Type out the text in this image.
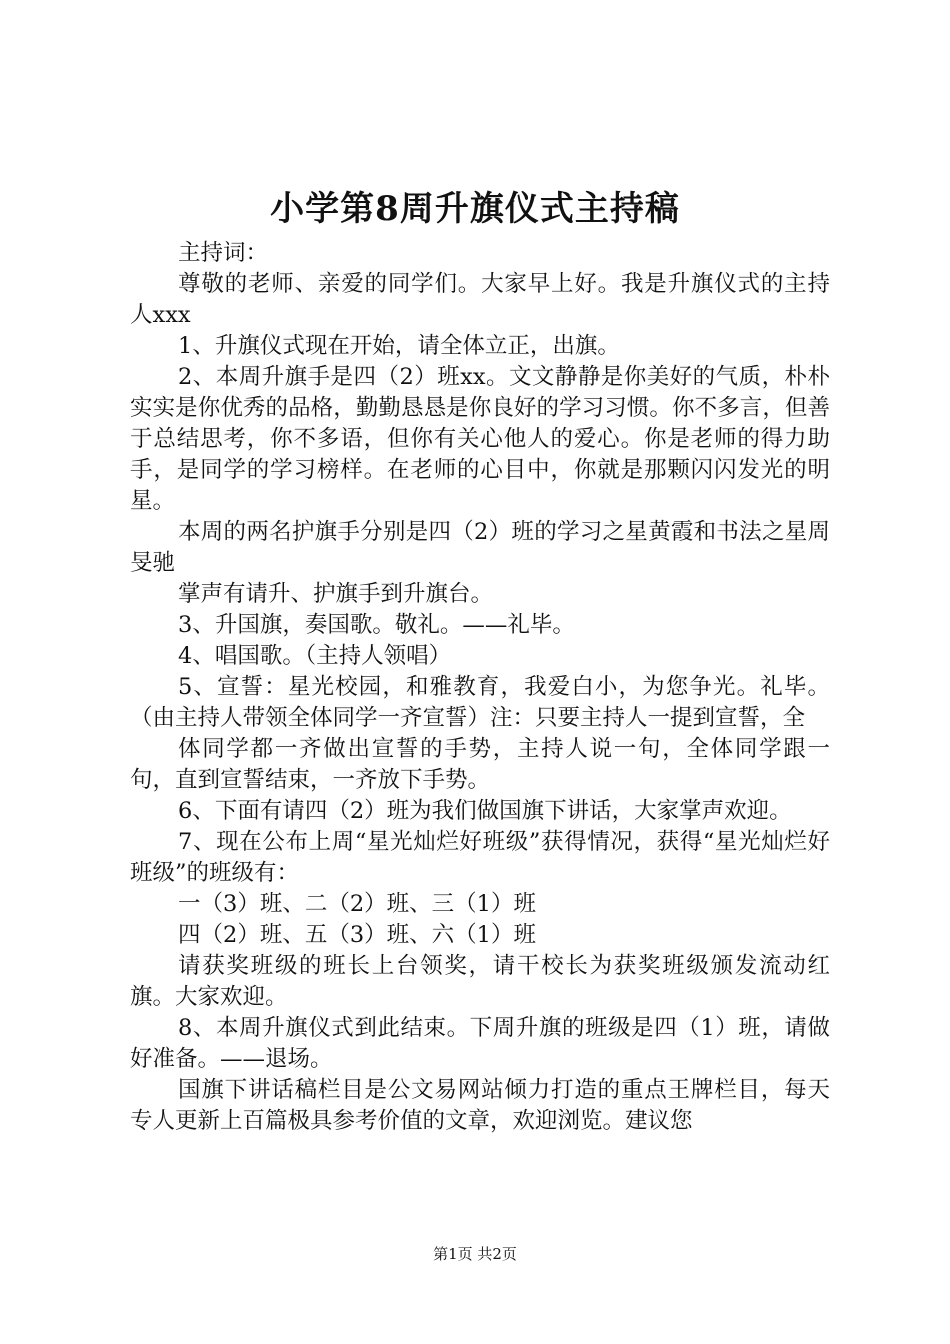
小学第8周升旗仪式主持稿

主持词：

尊敬的老师、亲爱的同学们。大家早上好。我是升旗仪式的主持人xxx

1、升旗仪式现在开始，请全体立正，出旗。

2、本周升旗手是四（2）班xx。文文静静是你美好的气质，朴朴实实是你优秀的品格，勤勤恳恳是你良好的学习习惯。你不多言，但善于总结思考，你不多语，但你有关心他人的爱心。你是老师的得力助手，是同学的学习榜样。在老师的心目中，你就是那颗闪闪发光的明星。

本周的两名护旗手分别是四（2）班的学习之星黄霞和书法之星周旻驰

掌声有请升、护旗手到升旗台。

3、升国旗，奏国歌。敬礼。——礼毕。

4、唱国歌。（主持人领唱）

5、宣誓：星光校园，和雅教育，我爱白小，为您争光。礼毕。（由主持人带领全体同学一齐宣誓）注：只要主持人一提到宣誓，全

体同学都一齐做出宣誓的手势，主持人说一句，全体同学跟一句，直到宣誓结束，一齐放下手势。

6、下面有请四（2）班为我们做国旗下讲话，大家掌声欢迎。

7、现在公布上周“星光灿烂好班级”获得情况，获得“星光灿烂好班级”的班级有：

一（3）班、二（2）班、三（1）班

四（2）班、五（3）班、六（1）班

请获奖班级的班长上台领奖，请干校长为获奖班级颁发流动红旗。大家欢迎。

8、本周升旗仪式到此结束。下周升旗的班级是四（1）班，请做好准备。——退场。

国旗下讲话稿栏目是公文易网站倾力打造的重点王牌栏目，每天专人更新上百篇极具参考价值的文章，欢迎浏览。建议您

第1页 共2页
